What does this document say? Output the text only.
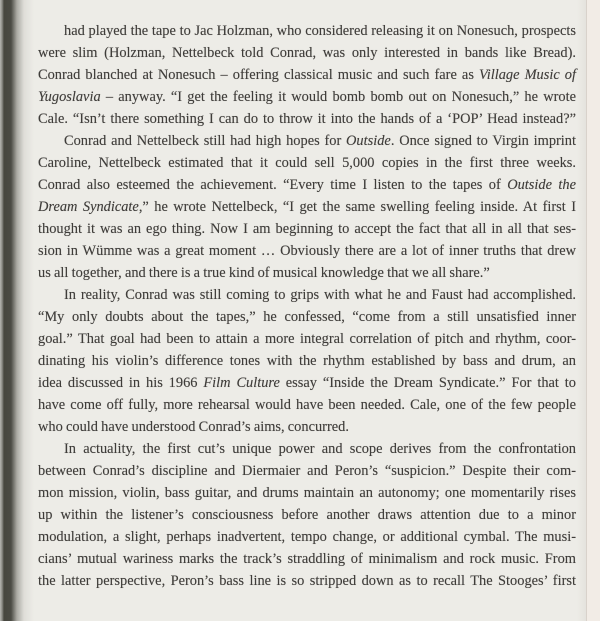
had played the tape to Jac Holzman, who considered releasing it on Nonesuch, prospects
were slim (Holzman, Nettelbeck told Conrad, was only interested in bands like Bread).
Conrad blanched at Nonesuch – offering classical music and such fare as Village Music of
Yugoslavia – anyway. “I get the feeling it would bomb bomb out on Nonesuch,” he wrote
Cale. “Isn’t there something I can do to throw it into the hands of a ‘POP’ Head instead?”
Conrad and Nettelbeck still had high hopes for Outside. Once signed to Virgin imprint
Caroline, Nettelbeck estimated that it could sell 5,000 copies in the first three weeks.
Conrad also esteemed the achievement. “Every time I listen to the tapes of Outside the
Dream Syndicate,” he wrote Nettelbeck, “I get the same swelling feeling inside. At first I
thought it was an ego thing. Now I am beginning to accept the fact that all in all that ses-
sion in Wümme was a great moment … Obviously there are a lot of inner truths that drew
us all together, and there is a true kind of musical knowledge that we all share.”
In reality, Conrad was still coming to grips with what he and Faust had accomplished.
“My only doubts about the tapes,” he confessed, “come from a still unsatisfied inner
goal.” That goal had been to attain a more integral correlation of pitch and rhythm, coor-
dinating his violin’s difference tones with the rhythm established by bass and drum, an
idea discussed in his 1966 Film Culture essay “Inside the Dream Syndicate.” For that to
have come off fully, more rehearsal would have been needed. Cale, one of the few people
who could have understood Conrad’s aims, concurred.
In actuality, the first cut’s unique power and scope derives from the confrontation
between Conrad’s discipline and Diermaier and Peron’s “suspicion.” Despite their com-
mon mission, violin, bass guitar, and drums maintain an autonomy; one momentarily rises
up within the listener’s consciousness before another draws attention due to a minor
modulation, a slight, perhaps inadvertent, tempo change, or additional cymbal. The musi-
cians’ mutual wariness marks the track’s straddling of minimalism and rock music. From
the latter perspective, Peron’s bass line is so stripped down as to recall The Stooges’ first
